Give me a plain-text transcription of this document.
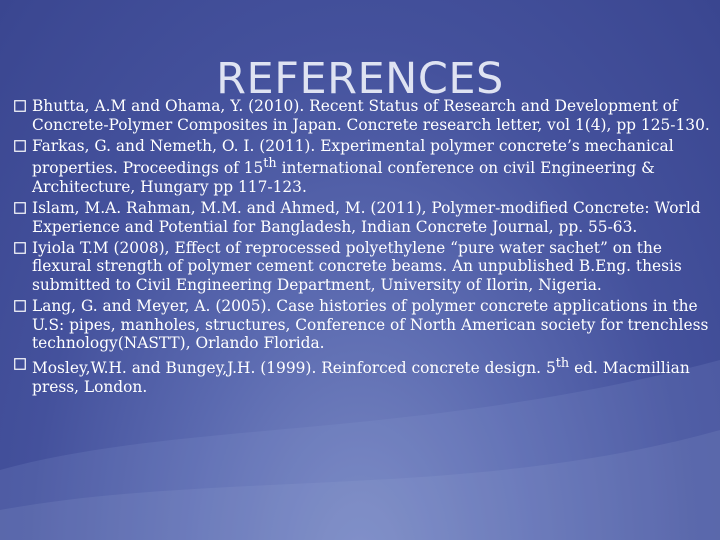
REFERENCES
Bhutta, A.M and Ohama, Y. (2010). Recent Status of Research and Development of Concrete-Polymer Composites in Japan. Concrete research letter, vol 1(4), pp 125-130.
Farkas, G. and Nemeth, O. I. (2011). Experimental polymer concrete’s mechanical properties. Proceedings of 15th international conference on civil Engineering & Architecture, Hungary pp 117-123.
Islam, M.A. Rahman, M.M. and Ahmed, M. (2011), Polymer-modified Concrete: World Experience and Potential for Bangladesh, Indian Concrete Journal, pp. 55-63.
Iyiola T.M (2008), Effect of reprocessed polyethylene “pure water sachet” on the flexural strength of polymer cement concrete beams. An unpublished B.Eng. thesis submitted to Civil Engineering Department, University of Ilorin, Nigeria.
Lang, G. and Meyer, A. (2005). Case histories of polymer concrete applications in the U.S: pipes, manholes, structures, Conference of North American society for trenchless technology(NASTT), Orlando Florida.
Mosley,W.H. and Bungey,J.H. (1999). Reinforced concrete design. 5th ed. Macmillian press, London.
